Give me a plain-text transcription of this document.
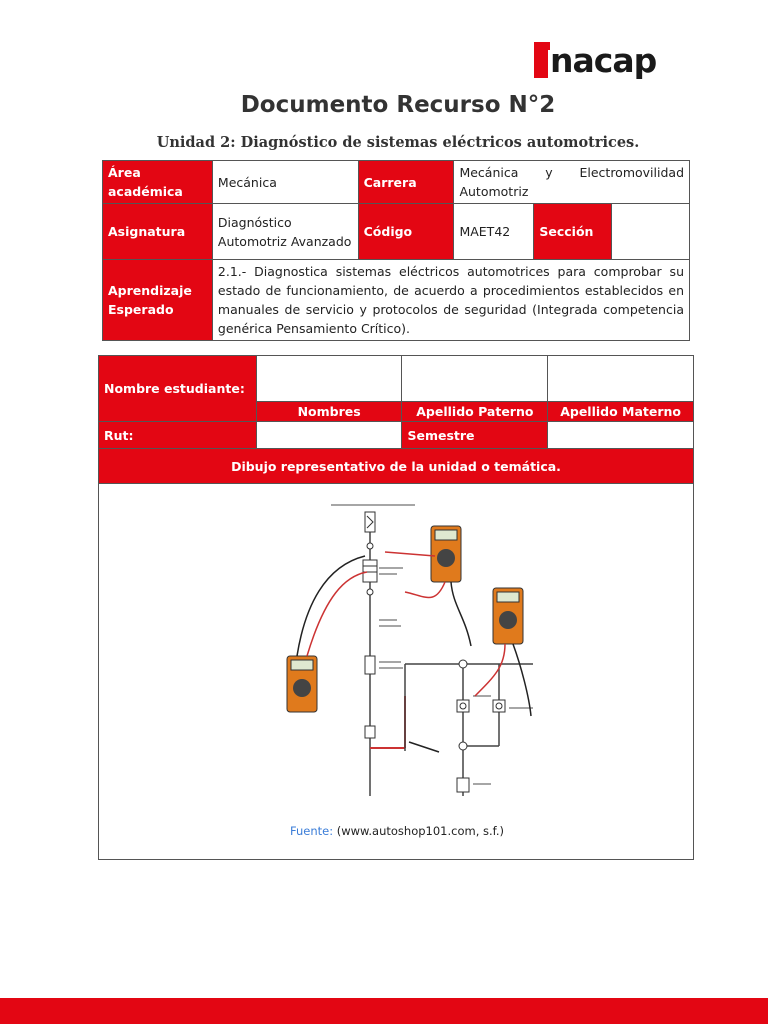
nacap
Documento Recurso N°2
Unidad 2: Diagnóstico de sistemas eléctricos automotrices.
Área académica	Mecánica	Carrera	Mecánica y Electromovilidad Automotriz		

Asignatura	Diagnóstico Automotriz Avanzado	Código	MAET42	Sección	
Aprendizaje Esperado	2.1.- Diagnostica sistemas eléctricos automotrices para comprobar su estado de funcionamiento, de acuerdo a procedimientos establecidos en manuales de servicio y protocolos de seguridad (Integrada competencia genérica Pensamiento Crítico).				
Nombre estudiante:			
	Nombres	Apellido Paterno	Apellido Materno
Rut:		Semestre	
Dibujo representativo de la unidad o temática.			
Fuente: (www.autoshop101.com, s.f.)
